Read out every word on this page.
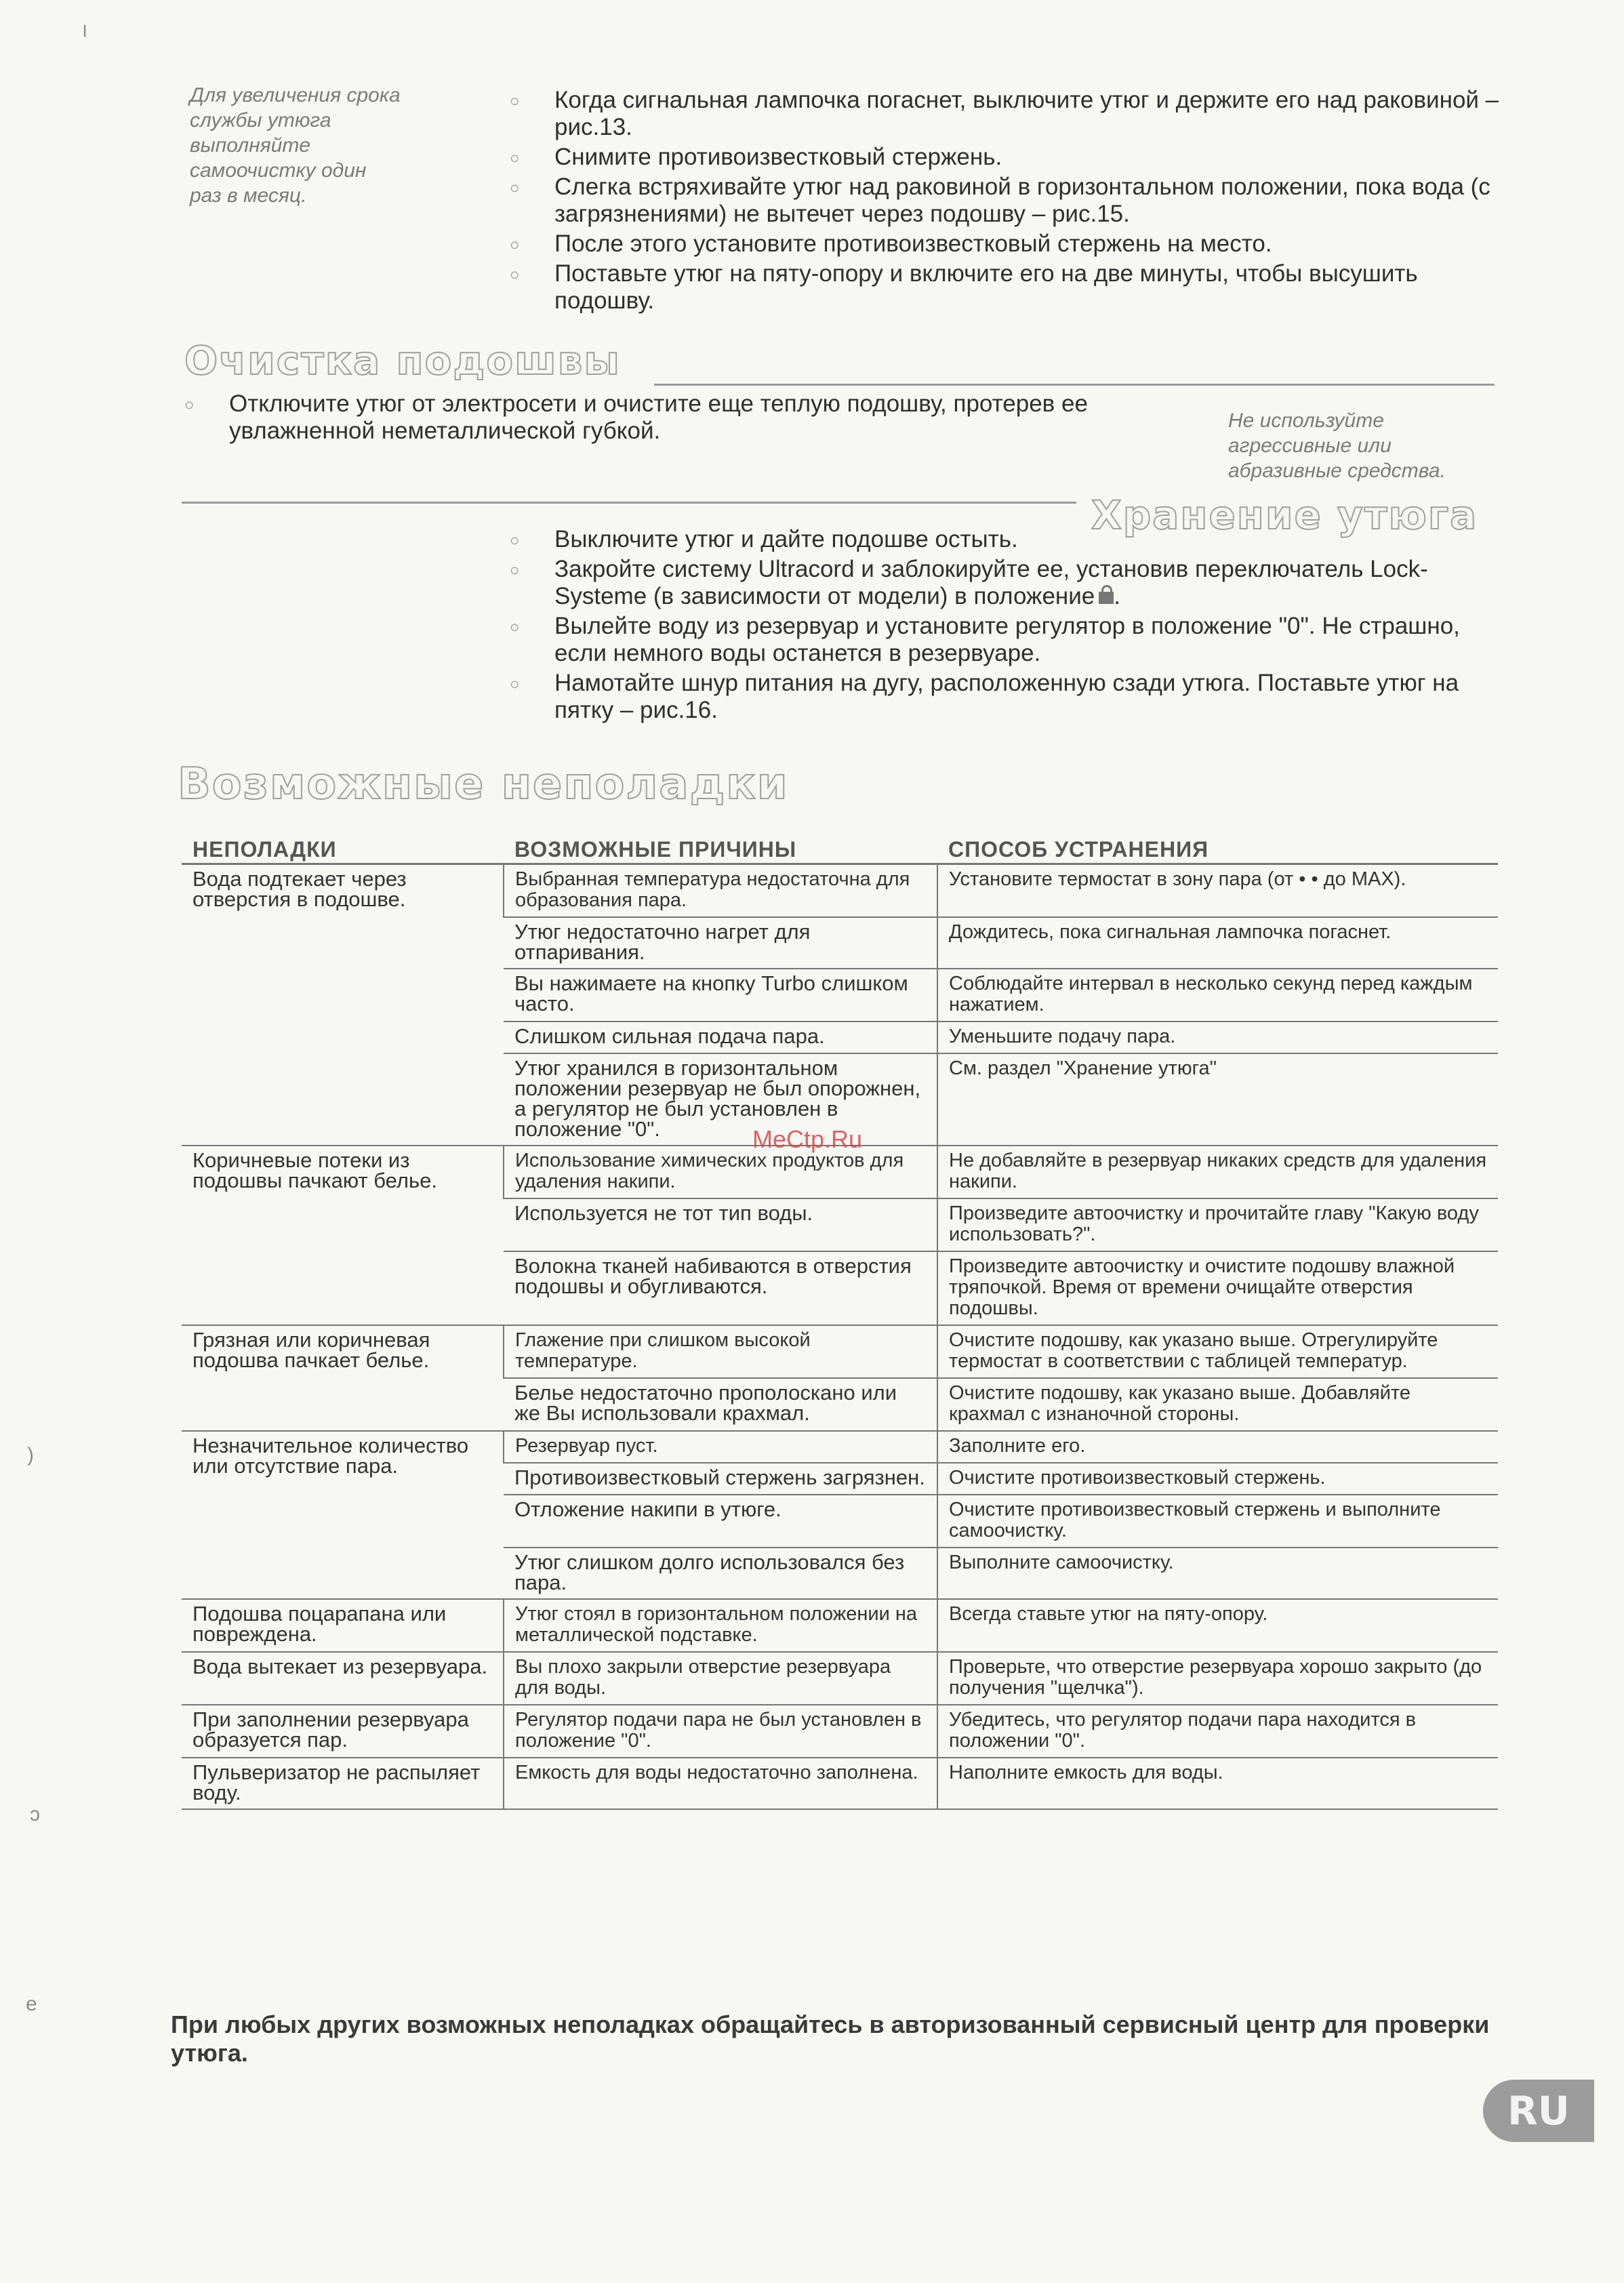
Для увеличения срока
службы утюга
выполняйте
самоочистку один
раз в месяц.
○ Когда сигнальная лампочка погаснет, выключите утюг и держите его над раковиной – рис.13.
○ Снимите противоизвестковый стержень.
○ Слегка встряхивайте утюг над раковиной в горизонтальном положении, пока вода (с загрязнениями) не вытечет через подошву – рис.15.
○ После этого установите противоизвестковый стержень на место.
○ Поставьте утюг на пяту-опору и включите его на две минуты, чтобы высушить подошву.
Очистка подошвы
○ Отключите утюг от электросети и очистите еще теплую подошву, протерев ее увлажненной неметаллической губкой.	Не используйте
агрессивные или
абразивные средства.
Хранение утюга
○ Выключите утюг и дайте подошве остыть.
○ Закройте систему Ultracord и заблокируйте ее, установив переключатель Lock-Systeme (в зависимости от модели) в положение .
○ Вылейте воду из резервуар и установите регулятор в положение "0". Не страшно, если немного воды останется в резервуаре.
○ Намотайте шнур питания на дугу, расположенную сзади утюга. Поставьте утюг на пятку – рис.16.
Возможные неполадки
НЕПОЛАДКИ	ВОЗМОЖНЫЕ ПРИЧИНЫ	СПОСОБ УСТРАНЕНИЯ
Вода подтекает через отверстия в подошве.	Выбранная температура недостаточна для образования пара.	Установите термостат в зону пара (от • • до MAX).
	Утюг недостаточно нагрет для отпаривания.	Дождитесь, пока сигнальная лампочка погаснет.
	Вы нажимаете на кнопку Turbo слишком часто.	Соблюдайте интервал в несколько секунд перед каждым нажатием.
	Слишком сильная подача пара.	Уменьшите подачу пара.
	Утюг хранился в горизонтальном положении резервуар не был опорожнен, а регулятор не был установлен в положение "0".	См. раздел "Хранение утюга"
Коричневые потеки из подошвы пачкают белье.	Использование химических продуктов для удаления накипи.	Не добавляйте в резервуар никаких средств для удаления накипи.
	Используется не тот тип воды.	Произведите автоочистку и прочитайте главу "Какую воду использовать?".
	Волокна тканей набиваются в отверстия подошвы и обугливаются.	Произведите автоочистку и очистите подошву влажной тряпочкой. Время от времени очищайте отверстия подошвы.
Грязная или коричневая подошва пачкает белье.	Глажение при слишком высокой температуре.	Очистите подошву, как указано выше. Отрегулируйте термостат в соответствии с таблицей температур.
	Белье недостаточно прополоскано или же Вы использовали крахмал.	Очистите подошву, как указано выше. Добавляйте крахмал с изнаночной стороны.
Незначительное количество или отсутствие пара.	Резервуар пуст.	Заполните его.
	Противоизвестковый стержень загрязнен.	Очистите противоизвестковый стержень.
	Отложение накипи в утюге.	Очистите противоизвестковый стержень и выполните самоочистку.
	Утюг слишком долго использовался без пара.	Выполните самоочистку.
Подошва поцарапана или повреждена.	Утюг стоял в горизонтальном положении на металлической подставке.	Всегда ставьте утюг на пяту-опору.
Вода вытекает из резервуара.	Вы плохо закрыли отверстие резервуара для воды.	Проверьте, что отверстие резервуара хорошо закрыто (до получения "щелчка").
При заполнении резервуара образуется пар.	Регулятор подачи пара не был установлен в положение "0".	Убедитесь, что регулятор подачи пара находится в положении "0".
Пульверизатор не распыляет воду.	Емкость для воды недостаточно заполнена.	Наполните емкость для воды.
При любых других возможных неполадках обращайтесь в авторизованный сервисный центр для проверки утюга.
MeCtp.Ru
RU
╷
)
ɔ
e
